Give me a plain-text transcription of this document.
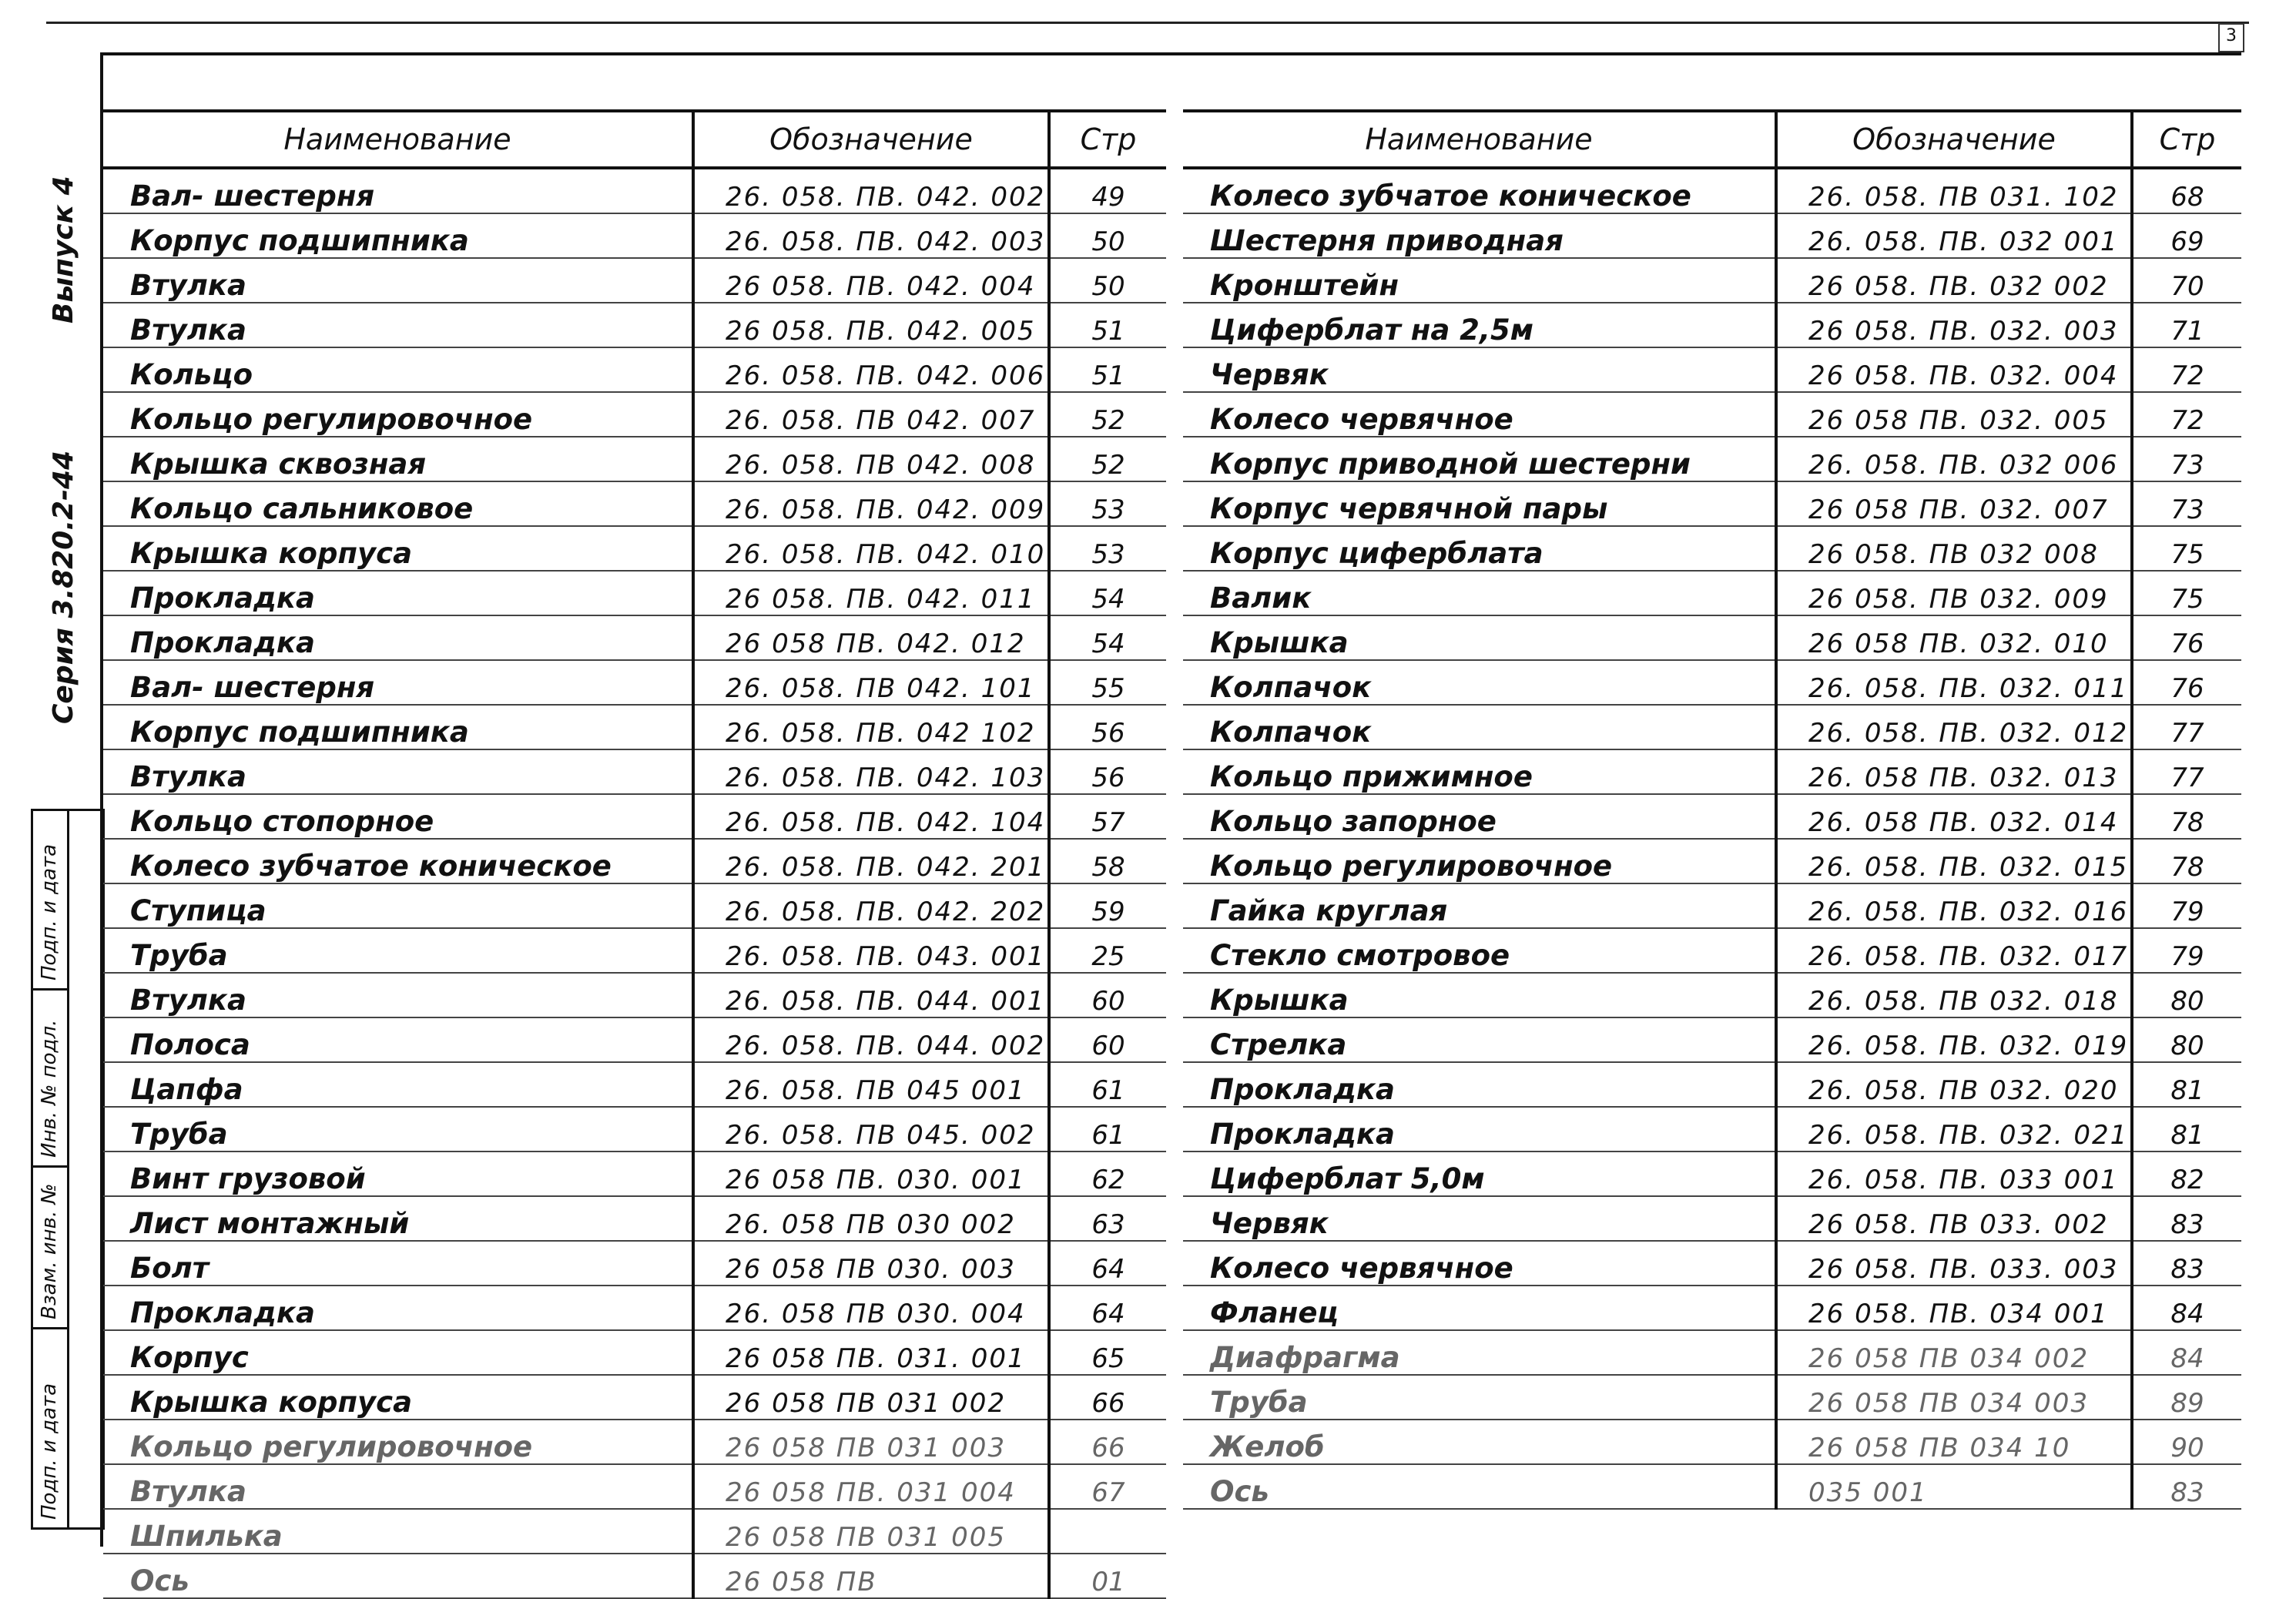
3
Выпуск 4
Серия 3.820.2-44
Подп. и дата
Инв. № подл.
Взам. инв. №
Подп. и дата
Наименование	Обозначение	Стр
Вал- шестерня	26. 058. ПВ. 042. 002	49
Корпус подшипника	26. 058. ПВ. 042. 003	50
Втулка	26 058. ПВ. 042. 004	50
Втулка	26 058. ПВ. 042. 005	51
Кольцо	26. 058. ПВ. 042. 006	51
Кольцо регулировочное	26. 058. ПВ 042. 007	52
Крышка сквозная	26. 058. ПВ 042. 008	52
Кольцо сальниковое	26. 058. ПВ. 042. 009	53
Крышка корпуса	26. 058. ПВ. 042. 010	53
Прокладка	26 058. ПВ. 042. 011	54
Прокладка	26 058 ПВ. 042. 012	54
Вал- шестерня	26. 058. ПВ 042. 101	55
Корпус подшипника	26. 058. ПВ. 042 102	56
Втулка	26. 058. ПВ. 042. 103	56
Кольцо стопорное	26. 058. ПВ. 042. 104	57
Колесо зубчатое коническое	26. 058. ПВ. 042. 201	58
Ступица	26. 058. ПВ. 042. 202	59
Труба	26. 058. ПВ. 043. 001	25
Втулка	26. 058. ПВ. 044. 001	60
Полоса	26. 058. ПВ. 044. 002	60
Цапфа	26. 058. ПВ 045 001	61
Труба	26. 058. ПВ 045. 002	61
Винт грузовой	26 058 ПВ. 030. 001	62
Лист монтажный	26. 058 ПВ 030 002	63
Болт	26 058 ПВ 030. 003	64
Прокладка	26. 058 ПВ 030. 004	64
Корпус	26 058 ПВ. 031. 001	65
Крышка корпуса	26 058 ПВ 031 002	66
Кольцо регулировочное	26 058 ПВ 031 003	66
Втулка	26 058 ПВ. 031 004	67
Шпилька	26 058 ПВ 031 005	
Ось	26 058 ПВ	01
Наименование	Обозначение	Стр
Колесо зубчатое коническое	26. 058. ПВ 031. 102	68
Шестерня приводная	26. 058. ПВ. 032 001	69
Кронштейн	26 058. ПВ. 032 002	70
Циферблат на 2,5м	26 058. ПВ. 032. 003	71
Червяк	26 058. ПВ. 032. 004	72
Колесо червячное	26 058 ПВ. 032. 005	72
Корпус приводной шестерни	26. 058. ПВ. 032 006	73
Корпус червячной пары	26 058 ПВ. 032. 007	73
Корпус циферблата	26 058. ПВ 032 008	75
Валик	26 058. ПВ 032. 009	75
Крышка	26 058 ПВ. 032. 010	76
Колпачок	26. 058. ПВ. 032. 011	76
Колпачок	26. 058. ПВ. 032. 012	77
Кольцо прижимное	26. 058 ПВ. 032. 013	77
Кольцо запорное	26. 058 ПВ. 032. 014	78
Кольцо регулировочное	26. 058. ПВ. 032. 015	78
Гайка круглая	26. 058. ПВ. 032. 016	79
Стекло смотровое	26. 058. ПВ. 032. 017	79
Крышка	26. 058. ПВ 032. 018	80
Стрелка	26. 058. ПВ. 032. 019	80
Прокладка	26. 058. ПВ 032. 020	81
Прокладка	26. 058. ПВ. 032. 021	81
Циферблат 5,0м	26. 058. ПВ. 033 001	82
Червяк	26 058. ПВ 033. 002	83
Колесо червячное	26 058. ПВ. 033. 003	83
Фланец	26 058. ПВ. 034 001	84
Диафрагма	26 058 ПВ 034 002	84
Труба	26 058 ПВ 034 003	89
Желоб	26 058 ПВ 034 10	90
Ось	035 001	83
